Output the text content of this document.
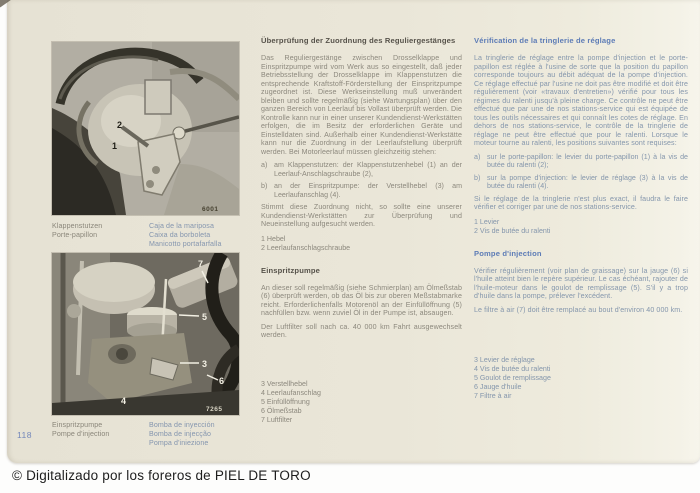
2
1
6001
Klappenstutzen
Porte-papillon
Caja de la mariposa
Caixa da borboleta
Manicotto portafarfalla
7
5
3
6
4
7265
Einspritzpumpe
Pompe d'injection
Bomba de inyección
Bomba de injecção
Pompa d'iniezione
Überprüfung der Zuordnung des Reguliergestänges

Das Reguliergestänge zwischen Drosselklappe und Einspritzpumpe wird vom Werk aus so eingestellt, daß jeder Betriebsstellung der Drosselklappe im Klappenstutzen die entsprechende Kraftstoff-Förderstellung der Einspritzpumpe zugeordnet ist. Diese Werkseinstellung muß unverändert bleiben und sollte regelmäßig (siehe Wartungsplan) über den ganzen Bereich von Leerlauf bis Vollast überprüft werden. Die Kontrolle kann nur in einer unserer Kundendienst-Werkstätten erfolgen, die im Besitz der erforderlichen Geräte und Einstelldaten sind. Außerhalb einer Kundendienst-Werkstätte kann nur die Zuordnung in der Leerlaufstellung überprüft werden. Bei Motorleerlauf müssen gleichzeitig stehen:

a) am Klappenstutzen: der Klappenstutzenhebel (1) an der Leerlauf-Anschlagschraube (2),
b) an der Einspritzpumpe: der Verstellhebel (3) am Leerlaufanschlag (4).

Stimmt diese Zuordnung nicht, so sollte eine unserer Kundendienst-Werkstätten zur Überprüfung und Neueinstellung aufgesucht werden.

1 Hebel
2 Leerlaufanschlagschraube
Einspritzpumpe

An dieser soll regelmäßig (siehe Schmierplan) am Ölmeßstab (6) überprüft werden, ob das Öl bis zur oberen Meßstabmarke reicht. Erforderlichenfalls Motorenöl an der Einfüllöffnung (5) nachfüllen bzw. wenn zuviel Öl in der Pumpe ist, absaugen.

Der Luftfilter soll nach ca. 40 000 km Fahrt ausgewechselt werden.

3 Verstellhebel
4 Leerlaufanschlag
5 Einfüllöffnung
6 Ölmeßstab
7 Luftfilter
Vérification de la tringlerie de réglage

La tringlerie de réglage entre la pompe d'injection et le porte-papillon est réglée à l'usine de sorte que la position du papillon corresponde toujours au débit adéquat de la pompe d'injection. Ce réglage effectué par l'usine ne doit pas être modifié et doit être régulièrement (voir «travaux d'entretien») vérifié pour tous les régimes du ralenti jusqu'à pleine charge. Ce contrôle ne peut être effectué que par une de nos stations-service qui est équipée de tous les outils nécessaires et qui connaît les cotes de réglage. En dehors de nos stations-service, le contrôle de la tringlerie de réglage ne peut être effectué que pour le ralenti. Lorsque le moteur tourne au ralenti, les positions suivantes sont requises:

a) sur le porte-papillon: le levier du porte-papillon (1) à la vis de butée du ralenti (2);
b) sur la pompe d'injection: le levier de réglage (3) à la vis de butée du ralenti (4).

Si le réglage de la tringlerie n'est plus exact, il faudra le faire vérifier et corriger par une de nos stations-service.

1 Levier
2 Vis de butée du ralenti
Pompe d'injection

Vérifier régulièrement (voir plan de graissage) sur la jauge (6) si l'huile atteint bien le repère supérieur. Le cas échéant, rajouter de l'huile-moteur dans le goulot de remplissage (5). S'il y a trop d'huile dans la pompe, prélever l'excédent.

Le filtre à air (7) doit être remplacé au bout d'environ 40 000 km.

3 Levier de réglage
4 Vis de butée du ralenti
5 Goulot de remplissage
6 Jauge d'huile
7 Filtre à air
118
© Digitalizado por los foreros de PIEL DE TORO
